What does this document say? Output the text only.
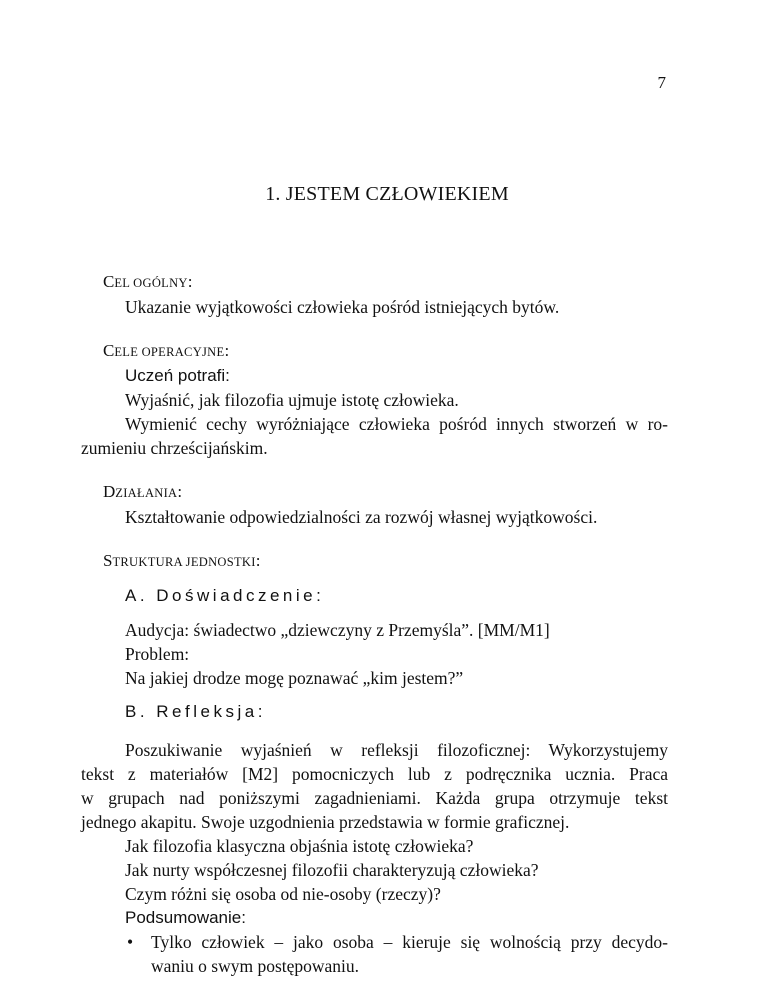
7
1. JESTEM CZŁOWIEKIEM
CEL OGÓLNY:
Ukazanie wyjątkowości człowieka pośród istniejących bytów.
CELE OPERACYJNE:
Uczeń potrafi:
Wyjaśnić, jak filozofia ujmuje istotę człowieka.
Wymienić cechy wyróżniające człowieka pośród innych stworzeń w ro-
zumieniu chrześcijańskim.
DZIAŁANIA:
Kształtowanie odpowiedzialności za rozwój własnej wyjątkowości.
STRUKTURA JEDNOSTKI:
A. Doświadczenie:
Audycja: świadectwo „dziewczyny z Przemyśla”. [MM/M1]
Problem:
Na jakiej drodze mogę poznawać „kim jestem?”
B. Refleksja:
Poszukiwanie wyjaśnień w refleksji filozoficznej: Wykorzystujemy
tekst z materiałów [M2] pomocniczych lub z podręcznika ucznia. Praca
w grupach nad poniższymi zagadnieniami. Każda grupa otrzymuje tekst
jednego akapitu. Swoje uzgodnienia przedstawia w formie graficznej.
Jak filozofia klasyczna objaśnia istotę człowieka?
Jak nurty współczesnej filozofii charakteryzują człowieka?
Czym różni się osoba od nie-osoby (rzeczy)?
Podsumowanie:
•	Tylko człowiek – jako osoba – kieruje się wolnością przy decydo-
waniu o swym postępowaniu.
